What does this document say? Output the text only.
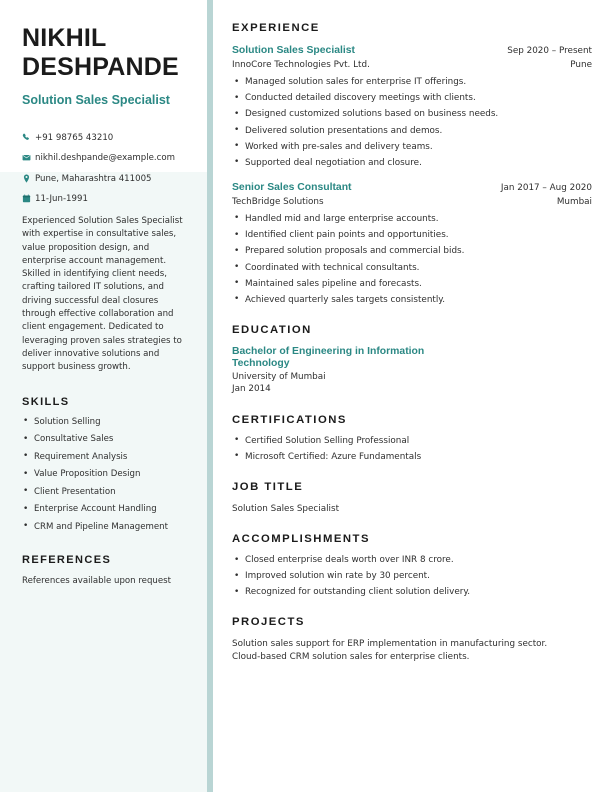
NIKHIL DESHPANDE
Solution Sales Specialist
+91 98765 43210
nikhil.deshpande@example.com
Pune, Maharashtra 411005
11-Jun-1991

Experienced Solution Sales Specialist with expertise in consultative sales, value proposition design, and enterprise account management. Skilled in identifying client needs, crafting tailored IT solutions, and driving successful deal closures through effective collaboration and client engagement. Dedicated to leveraging proven sales strategies to deliver innovative solutions and support business growth.

SKILLS
• Solution Selling
• Consultative Sales
• Requirement Analysis
• Value Proposition Design
• Client Presentation
• Enterprise Account Handling
• CRM and Pipeline Management
REFERENCES
References available upon request
EXPERIENCE
Solution Sales Specialist	Sep 2020 – Present
InnoCore Technologies Pvt. Ltd.	Pune
• Managed solution sales for enterprise IT offerings.
• Conducted detailed discovery meetings with clients.
• Designed customized solutions based on business needs.
• Delivered solution presentations and demos.
• Worked with pre-sales and delivery teams.
• Supported deal negotiation and closure.
Senior Sales Consultant	Jan 2017 – Aug 2020
TechBridge Solutions	Mumbai
• Handled mid and large enterprise accounts.
• Identified client pain points and opportunities.
• Prepared solution proposals and commercial bids.
• Coordinated with technical consultants.
• Maintained sales pipeline and forecasts.
• Achieved quarterly sales targets consistently.
EDUCATION
Bachelor of Engineering in Information Technology
University of Mumbai
Jan 2014
CERTIFICATIONS
• Certified Solution Selling Professional
• Microsoft Certified: Azure Fundamentals
JOB TITLE
Solution Sales Specialist
ACCOMPLISHMENTS
• Closed enterprise deals worth over INR 8 crore.
• Improved solution win rate by 30 percent.
• Recognized for outstanding client solution delivery.
PROJECTS
Solution sales support for ERP implementation in manufacturing sector.
Cloud-based CRM solution sales for enterprise clients.
